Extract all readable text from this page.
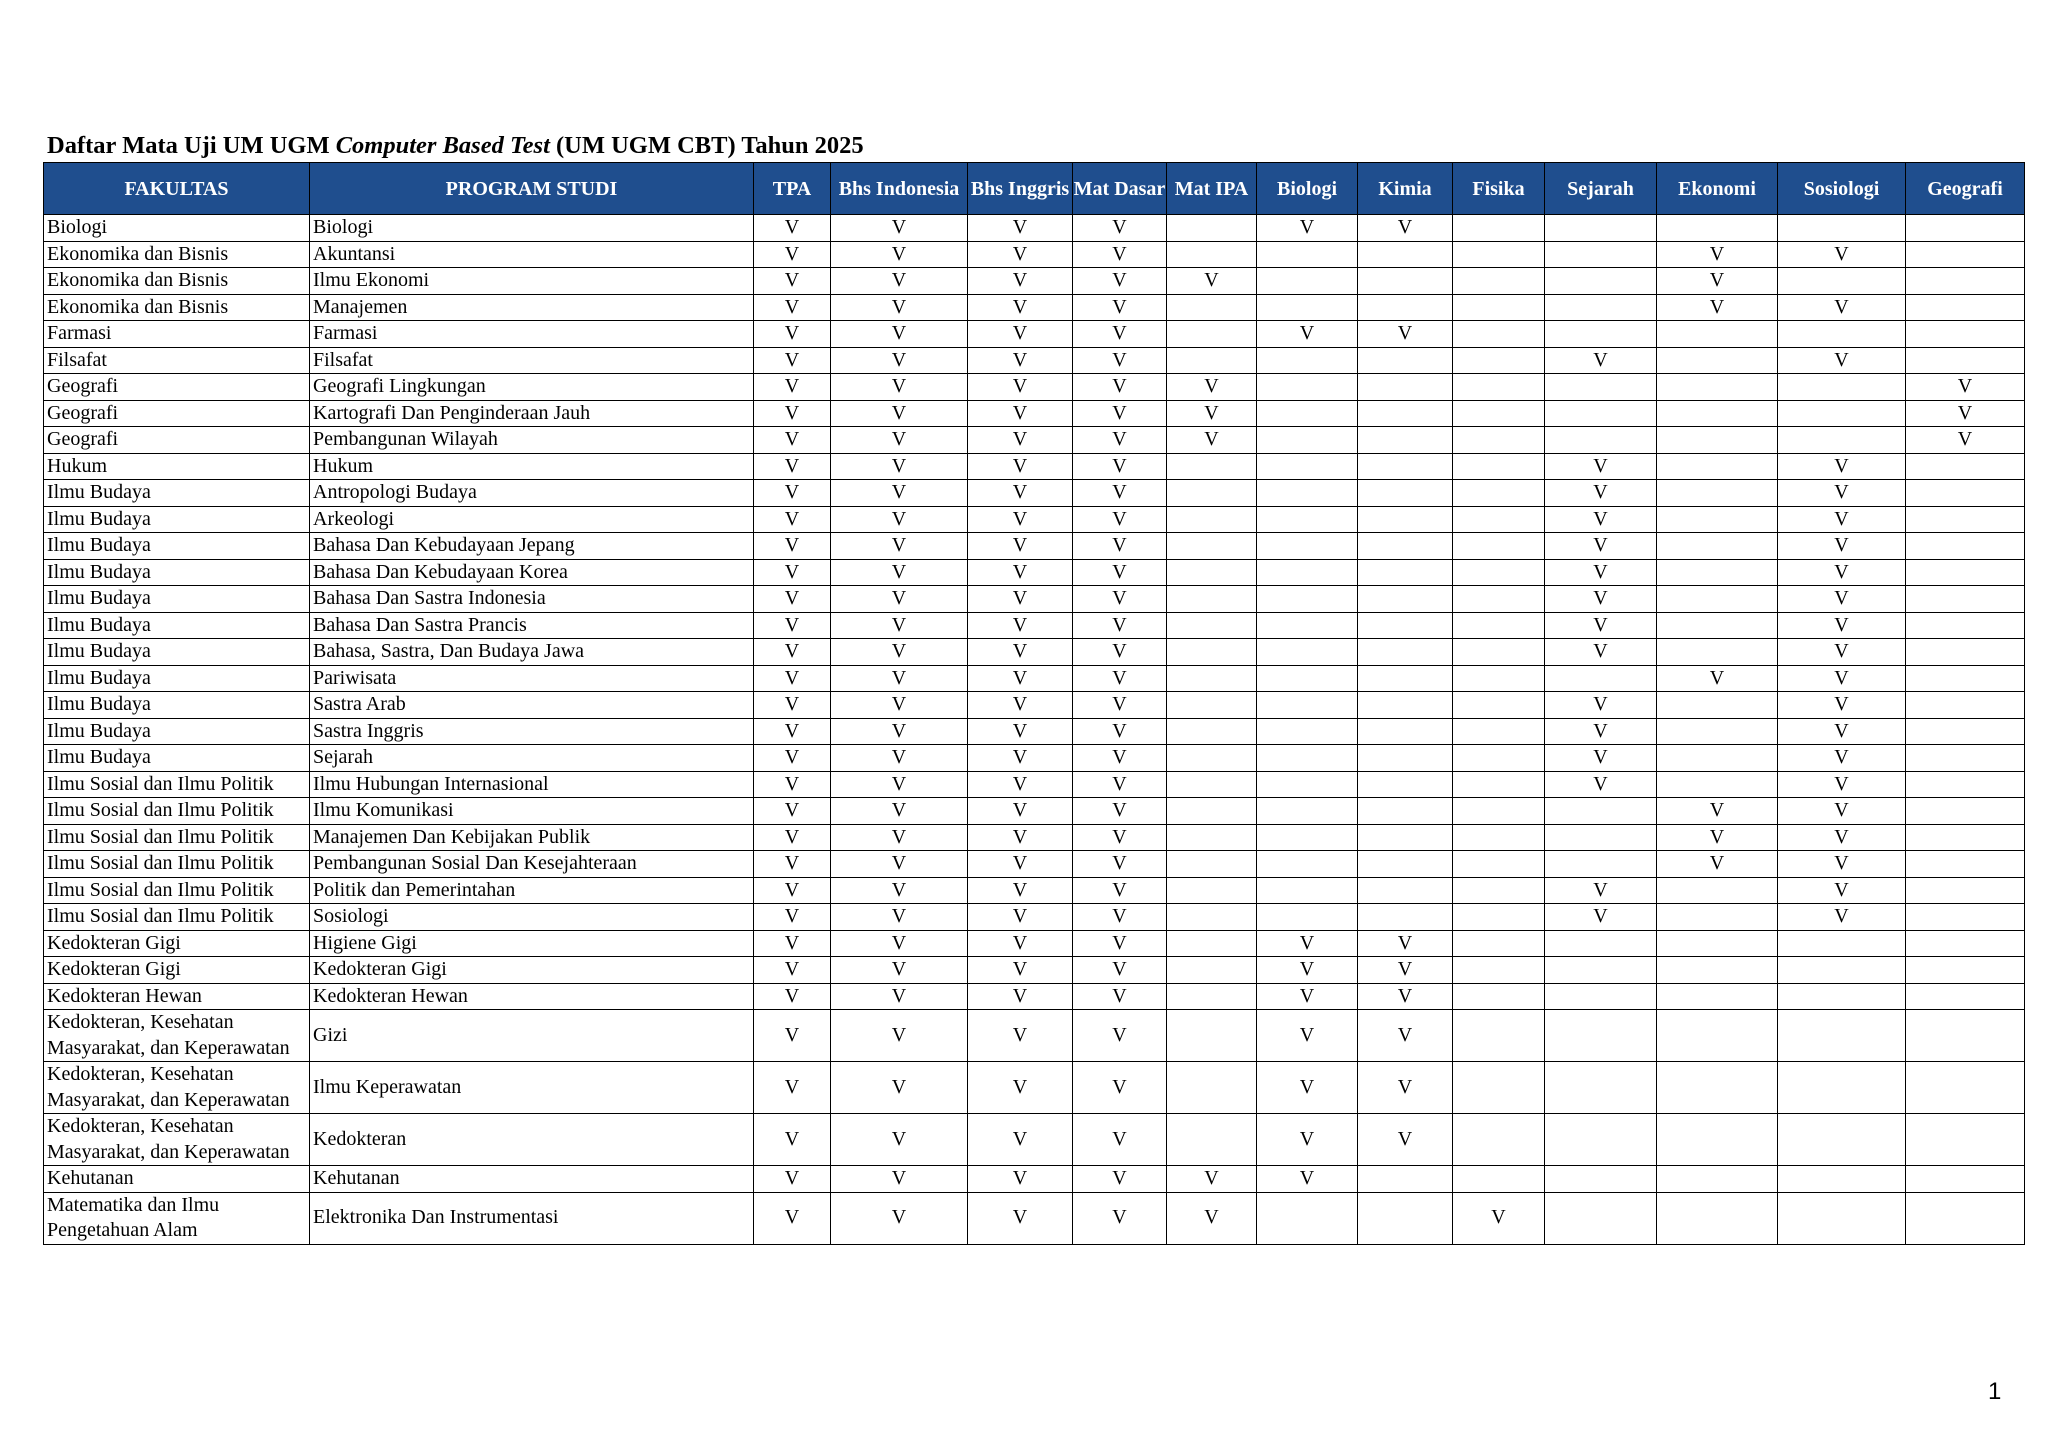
Daftar Mata Uji UM UGM Computer Based Test (UM UGM CBT) Tahun 2025
FAKULTAS	PROGRAM STUDI	TPA	Bhs Indonesia	Bhs Inggris	Mat Dasar	Mat IPA	Biologi	Kimia	Fisika	Sejarah	Ekonomi	Sosiologi	Geografi
Biologi	Biologi	V	V	V	V		V	V					
Ekonomika dan Bisnis	Akuntansi	V	V	V	V						V	V	
Ekonomika dan Bisnis	Ilmu Ekonomi	V	V	V	V	V					V		
Ekonomika dan Bisnis	Manajemen	V	V	V	V						V	V	
Farmasi	Farmasi	V	V	V	V		V	V					
Filsafat	Filsafat	V	V	V	V					V		V	
Geografi	Geografi Lingkungan	V	V	V	V	V							V
Geografi	Kartografi Dan Penginderaan Jauh	V	V	V	V	V							V
Geografi	Pembangunan Wilayah	V	V	V	V	V							V
Hukum	Hukum	V	V	V	V					V		V	
Ilmu Budaya	Antropologi Budaya	V	V	V	V					V		V	
Ilmu Budaya	Arkeologi	V	V	V	V					V		V	
Ilmu Budaya	Bahasa Dan Kebudayaan Jepang	V	V	V	V					V		V	
Ilmu Budaya	Bahasa Dan Kebudayaan Korea	V	V	V	V					V		V	
Ilmu Budaya	Bahasa Dan Sastra Indonesia	V	V	V	V					V		V	
Ilmu Budaya	Bahasa Dan Sastra Prancis	V	V	V	V					V		V	
Ilmu Budaya	Bahasa, Sastra, Dan Budaya Jawa	V	V	V	V					V		V	
Ilmu Budaya	Pariwisata	V	V	V	V						V	V	
Ilmu Budaya	Sastra Arab	V	V	V	V					V		V	
Ilmu Budaya	Sastra Inggris	V	V	V	V					V		V	
Ilmu Budaya	Sejarah	V	V	V	V					V		V	
Ilmu Sosial dan Ilmu Politik	Ilmu Hubungan Internasional	V	V	V	V					V		V	
Ilmu Sosial dan Ilmu Politik	Ilmu Komunikasi	V	V	V	V						V	V	
Ilmu Sosial dan Ilmu Politik	Manajemen Dan Kebijakan Publik	V	V	V	V						V	V	
Ilmu Sosial dan Ilmu Politik	Pembangunan Sosial Dan Kesejahteraan	V	V	V	V						V	V	
Ilmu Sosial dan Ilmu Politik	Politik dan Pemerintahan	V	V	V	V					V		V	
Ilmu Sosial dan Ilmu Politik	Sosiologi	V	V	V	V					V		V	
Kedokteran Gigi	Higiene Gigi	V	V	V	V		V	V					
Kedokteran Gigi	Kedokteran Gigi	V	V	V	V		V	V					
Kedokteran Hewan	Kedokteran Hewan	V	V	V	V		V	V					
Kedokteran, Kesehatan Masyarakat, dan Keperawatan	Gizi	V	V	V	V		V	V					
Kedokteran, Kesehatan Masyarakat, dan Keperawatan	Ilmu Keperawatan	V	V	V	V		V	V					
Kedokteran, Kesehatan Masyarakat, dan Keperawatan	Kedokteran	V	V	V	V		V	V					
Kehutanan	Kehutanan	V	V	V	V	V	V						
Matematika dan Ilmu Pengetahuan Alam	Elektronika Dan Instrumentasi	V	V	V	V	V			V				
1
